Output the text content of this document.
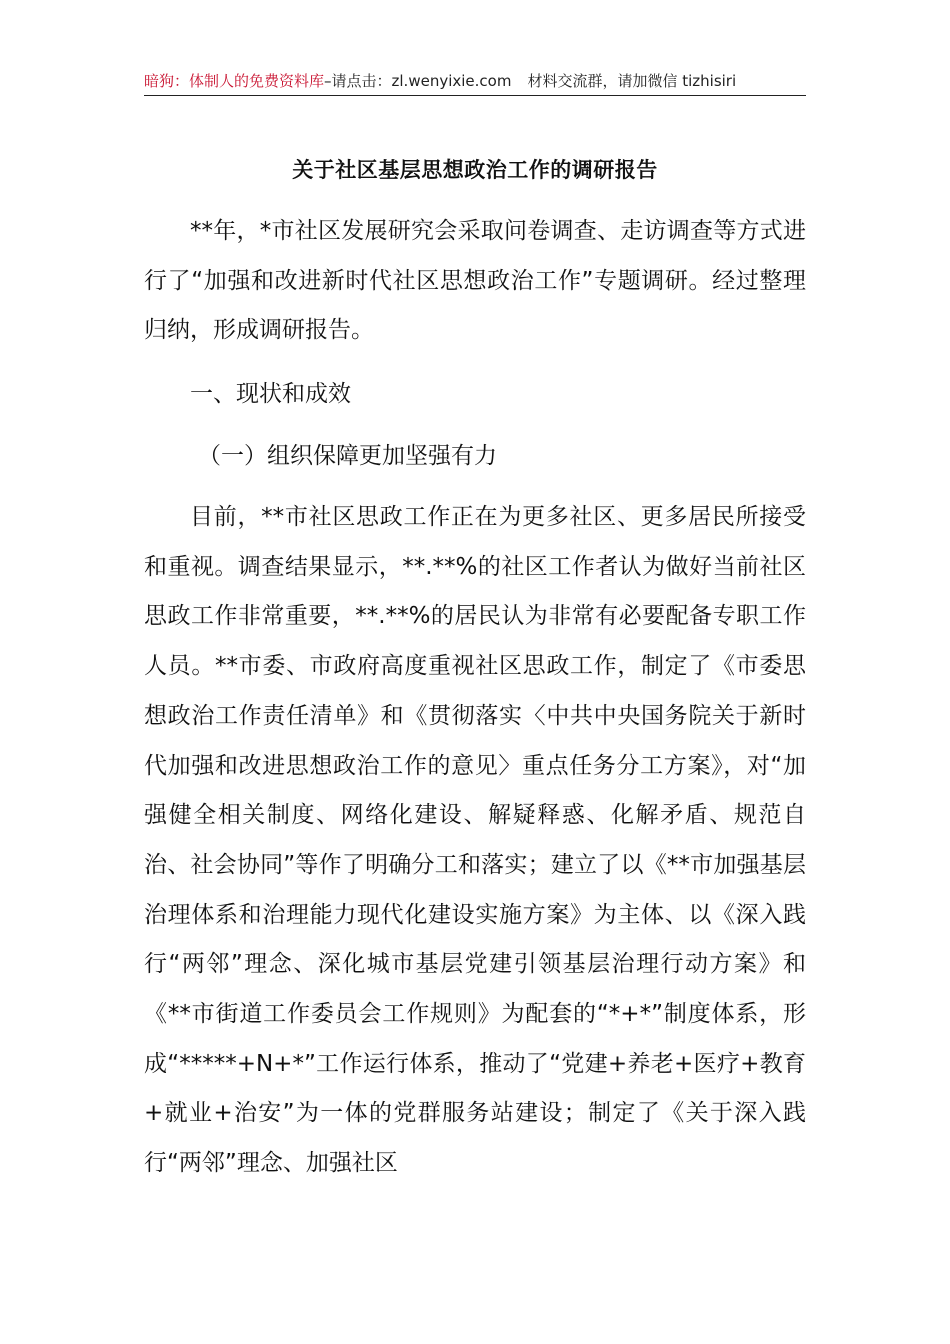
暗狗：体制人的免费资料库–请点击：zl.wenyixie.com 材料交流群，请加微信 tizhisiri
关于社区基层思想政治工作的调研报告
**年，*市社区发展研究会采取问卷调查、走访调查等方式进行了“加强和改进新时代社区思想政治工作”专题调研。经过整理归纳，形成调研报告。
一、现状和成效
（一）组织保障更加坚强有力
目前，**市社区思政工作正在为更多社区、更多居民所接受和重视。调查结果显示，**.**%的社区工作者认为做好当前社区思政工作非常重要，**.**%的居民认为非常有必要配备专职工作人员。**市委、市政府高度重视社区思政工作，制定了《市委思想政治工作责任清单》和《贯彻落实〈中共中央国务院关于新时代加强和改进思想政治工作的意见〉重点任务分工方案》，对“加强健全相关制度、网络化建设、解疑释惑、化解矛盾、规范自治、社会协同”等作了明确分工和落实；建立了以《**市加强基层治理体系和治理能力现代化建设实施方案》为主体、以《深入践行“两邻”理念、深化城市基层党建引领基层治理行动方案》和《**市街道工作委员会工作规则》为配套的“*+*”制度体系，形成“*****+N+*”工作运行体系，推动了“党建+养老+医疗+教育+就业+治安”为一体的党群服务站建设；制定了《关于深入践行“两邻”理念、加强社区
